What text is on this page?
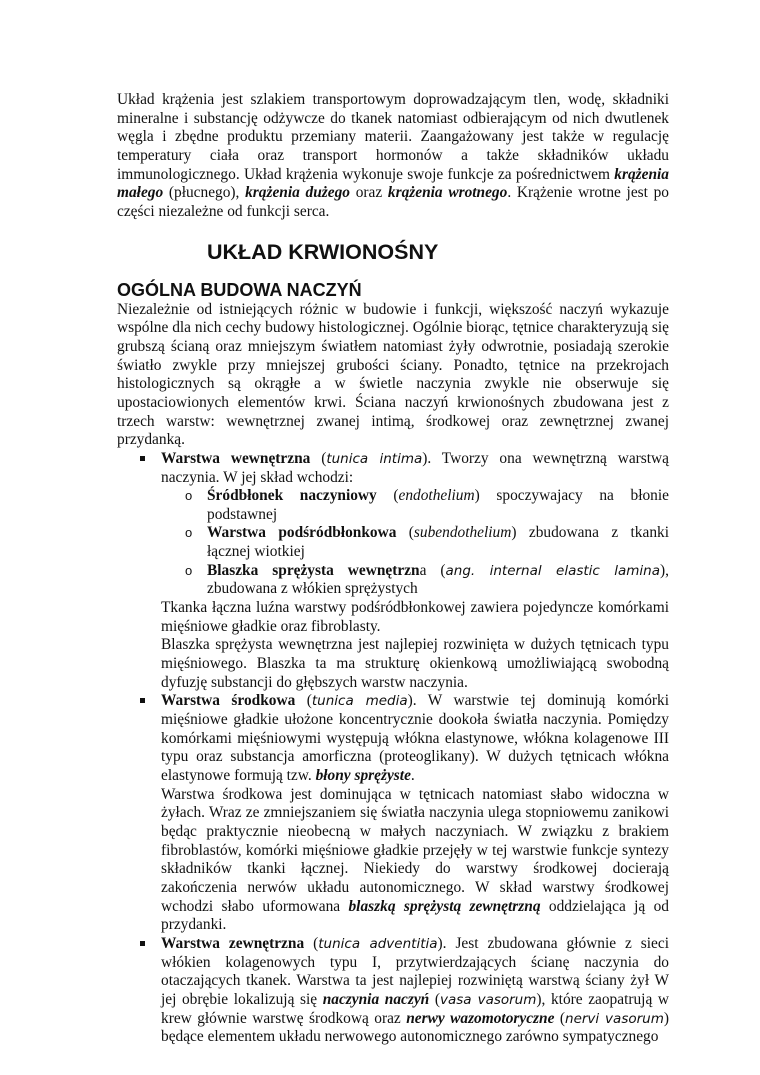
Układ krążenia jest szlakiem transportowym doprowadzającym tlen, wodę, składniki mineralne i substancję odżywcze do tkanek natomiast odbierającym od nich dwutlenek węgla i zbędne produktu przemiany materii. Zaangażowany jest także w regulację temperatury ciała oraz transport hormonów a także składników układu immunologicznego. Układ krążenia wykonuje swoje funkcje za pośrednictwem krążenia małego (płucnego), krążenia dużego oraz krążenia wrotnego. Krążenie wrotne jest po części niezależne od funkcji serca.

UKŁAD KRWIONOŚNY
OGÓLNA BUDOWA NACZYŃ

Niezależnie od istniejących różnic w budowie i funkcji, większość naczyń wykazuje wspólne dla nich cechy budowy histologicznej. Ogólnie biorąc, tętnice charakteryzują się grubszą ścianą oraz mniejszym światłem natomiast żyły odwrotnie, posiadają szerokie światło zwykle przy mniejszej grubości ściany. Ponadto, tętnice na przekrojach histologicznych są okrągłe a w świetle naczynia zwykle nie obserwuje się upostaciowionych elementów krwi. Ściana naczyń krwionośnych zbudowana jest z trzech warstw: wewnętrznej zwanej intimą, środkowej oraz zewnętrznej zwanej przydanką.

Warstwa wewnętrzna (tunica intima). Tworzy ona wewnętrzną warstwą naczynia. W jej skład wchodzi:

o Śródbłonek naczyniowy (endothelium) spoczywajacy na błonie podstawnej

o Warstwa podśródbłonkowa (subendothelium) zbudowana z tkanki łącznej wiotkiej

o Blaszka sprężysta wewnętrzna (ang. internal elastic lamina), zbudowana z włókien sprężystych

Tkanka łączna luźna warstwy podśródbłonkowej zawiera pojedyncze komórkami mięśniowe gładkie oraz fibroblasty.

Blaszka sprężysta wewnętrzna jest najlepiej rozwinięta w dużych tętnicach typu mięśniowego. Blaszka ta ma strukturę okienkową umożliwiającą swobodną dyfuzję substancji do głębszych warstw naczynia.

Warstwa środkowa (tunica media). W warstwie tej dominują komórki mięśniowe gładkie ułożone koncentrycznie dookoła światła naczynia. Pomiędzy komórkami mięśniowymi występują włókna elastynowe, włókna kolagenowe III typu oraz substancja amorficzna (proteoglikany). W dużych tętnicach włókna elastynowe formują tzw. błony sprężyste.

Warstwa środkowa jest dominująca w tętnicach natomiast słabo widoczna w żyłach. Wraz ze zmniejszaniem się światła naczynia ulega stopniowemu zanikowi będąc praktycznie nieobecną w małych naczyniach. W związku z brakiem fibroblastów, komórki mięśniowe gładkie przejęły w tej warstwie funkcje syntezy składników tkanki łącznej. Niekiedy do warstwy środkowej docierają zakończenia nerwów układu autonomicznego. W skład warstwy środkowej wchodzi słabo uformowana blaszką sprężystą zewnętrzną oddzielająca ją od przydanki.

Warstwa zewnętrzna (tunica adventitia). Jest zbudowana głównie z sieci włókien kolagenowych typu I, przytwierdzających ścianę naczynia do otaczających tkanek. Warstwa ta jest najlepiej rozwiniętą warstwą ściany żył W jej obrębie lokalizują się naczynia naczyń (vasa vasorum), które zaopatrują w krew głównie warstwę środkową oraz nerwy wazomotoryczne (nervi vasorum) będące elementem układu nerwowego autonomicznego zarówno sympatycznego
